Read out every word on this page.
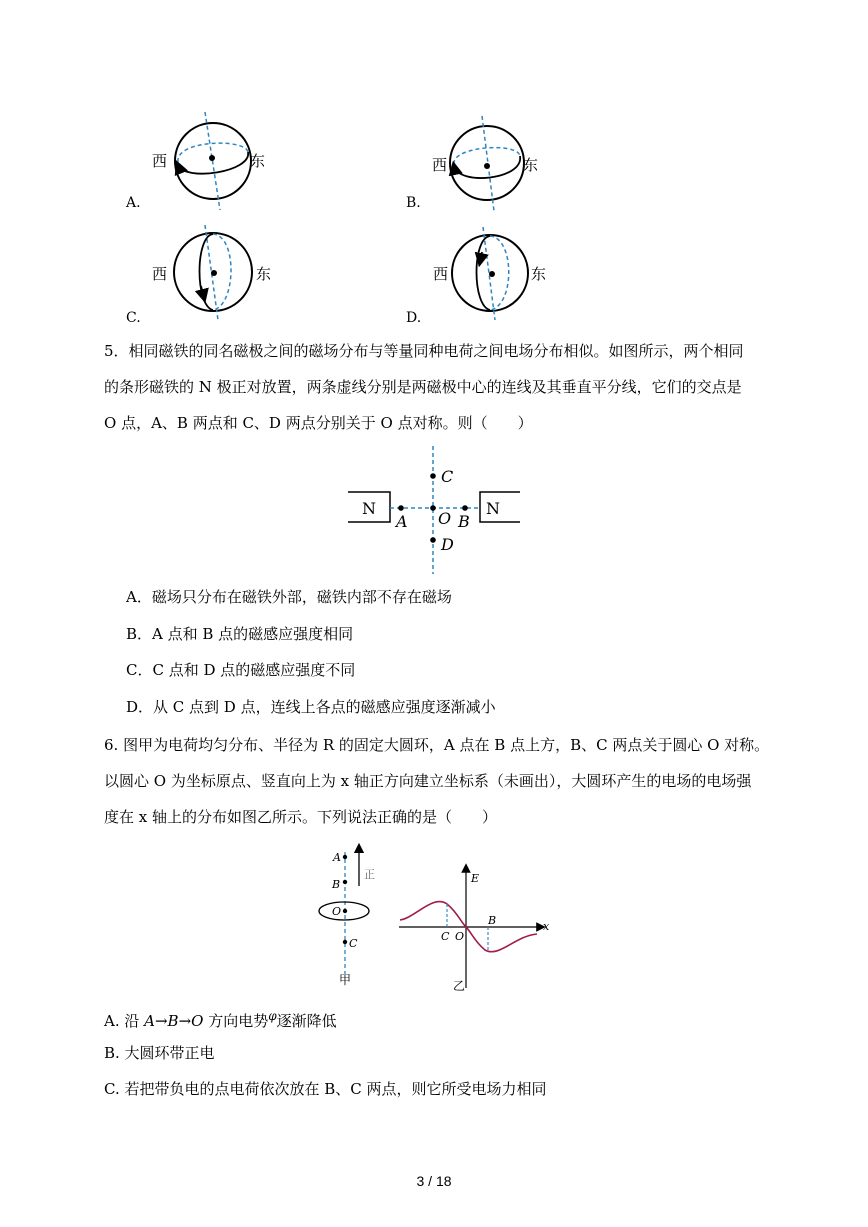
西	东
A.
西	东
B.
西	东
C.
西	东
D.
5．相同磁铁的同名磁极之间的磁场分布与等量同种电荷之间电场分布相似。如图所示，两个相同
的条形磁铁的 N 极正对放置，两条虚线分别是两磁极中心的连线及其垂直平分线，它们的交点是
O 点，A、B 两点和 C、D 两点分别关于 O 点对称。则（　　）
N	N
C
O
A	B
D
A．磁场只分布在磁铁外部，磁铁内部不存在磁场
B．A 点和 B 点的磁感应强度相同
C．C 点和 D 点的磁感应强度不同
D．从 C 点到 D 点，连线上各点的磁感应强度逐渐减小
6. 图甲为电荷均匀分布、半径为 R 的固定大圆环，A 点在 B 点上方，B、C 两点关于圆心 O 对称。
以圆心 O 为坐标原点、竖直向上为 x 轴正方向建立坐标系（未画出），大圆环产生的电场的电场强
度在 x 轴上的分布如图乙所示。下列说法正确的是（　　）
A
B
O
C
正
甲
E
x
B
C O
乙
A. 沿 A→B→O 方向电势$^\varphi$逐渐降低
B. 大圆环带正电
C. 若把带负电的点电荷依次放在 B、C 两点，则它所受电场力相同
3 / 18
